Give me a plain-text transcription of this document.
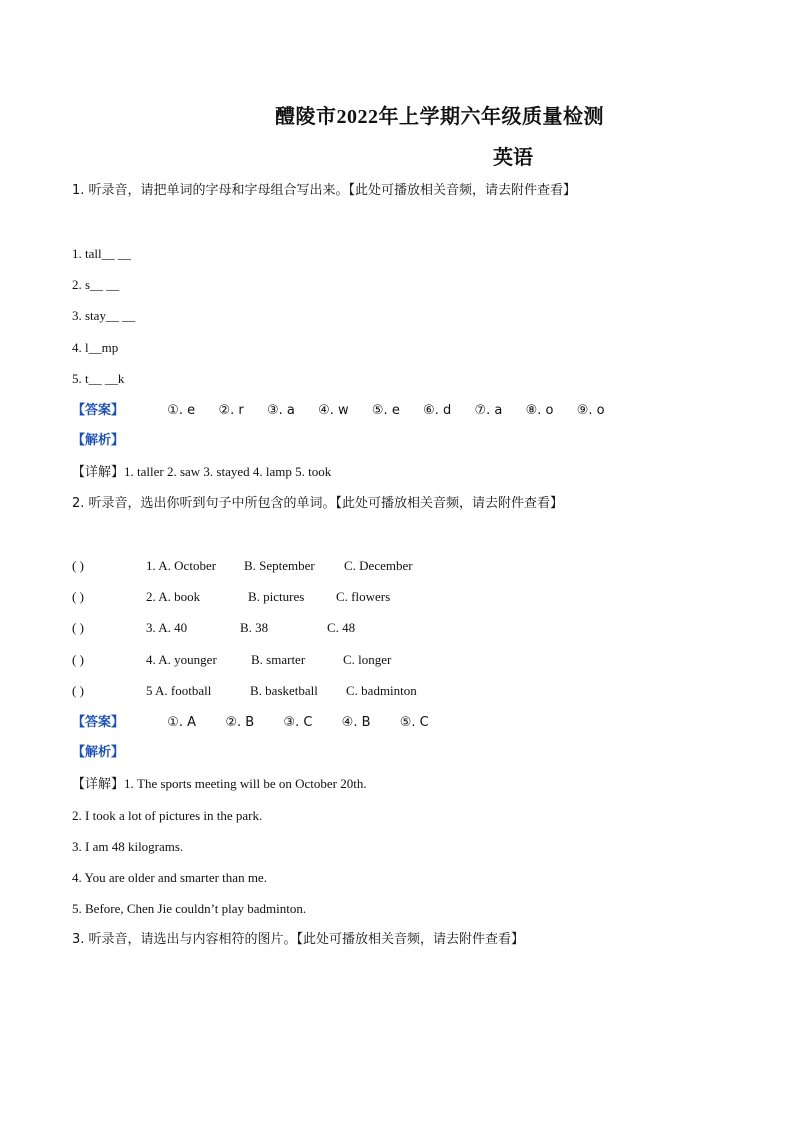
醴陵市2022年上学期六年级质量检测
英语
1. 听录音，请把单词的字母和字母组合写出来。【此处可播放相关音频，请去附件查看】
1. tall__ __
2. s__ __
3. stay__ __
4. l__mp
5. t__ __k
【答案】	①. e ②. r ③. a ④. w ⑤. e ⑥. d ⑦. a ⑧. o ⑨. o
【解析】
【详解】1. taller 2. saw 3. stayed 4. lamp 5. took
2. 听录音，选出你听到句子中所包含的单词。【此处可播放相关音频，请去附件查看】
( )	1. A. October B. September C. December
( )	2. A. book	B. pictures C. flowers
( )	3. A. 40	B. 38	C. 48
( )	4. A. younger	B. smarter	C. longer
( )	5 A. football	B. basketball C. badminton
【答案】	①. A ②. B ③. C ④. B ⑤. C
【解析】
【详解】1. The sports meeting will be on October 20th.
2. I took a lot of pictures in the park.
3. I am 48 kilograms.
4. You are older and smarter than me.
5. Before, Chen Jie couldn’t play badminton.
3. 听录音，请选出与内容相符的图片。【此处可播放相关音频，请去附件查看】
